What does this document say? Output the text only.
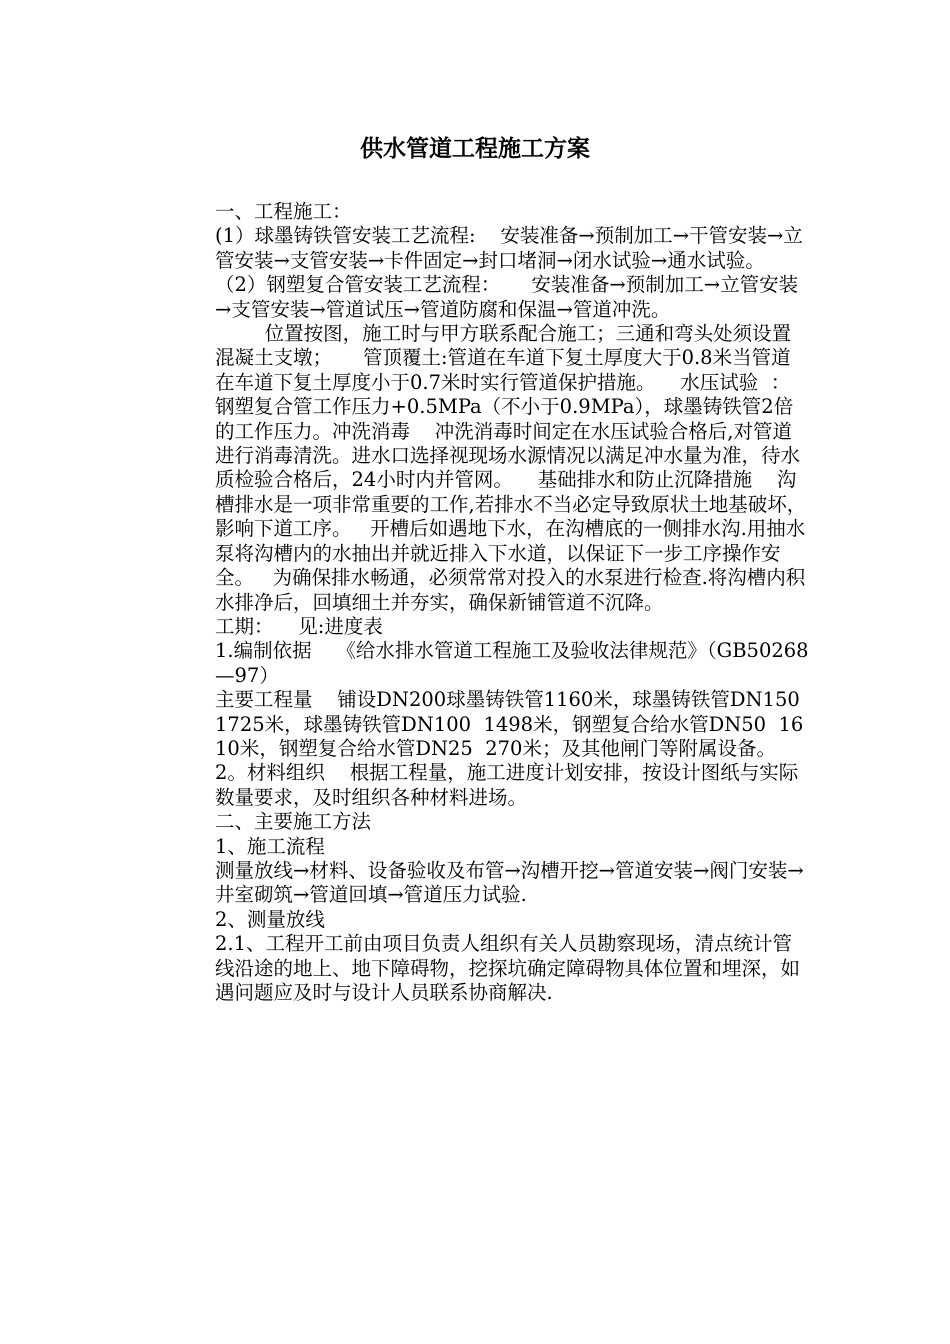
供水管道工程施工方案
一、工程施工：
(1）球墨铸铁管安装工艺流程:    安装准备→预制加工→干管安装→立管安装→支管安装→卡件固定→封口堵洞→闭水试验→通水试验。
（2）钢塑复合管安装工艺流程：     安装准备→预制加工→立管安装→支管安装→管道试压→管道防腐和保温→管道冲洗。
位置按图，施工时与甲方联系配合施工；三通和弯头处须设置混凝土支墩；     管顶覆土:管道在车道下复土厚度大于0.8米当管道在车道下复土厚度小于0.7米时实行管道保护措施。    水压试验  ：    钢塑复合管工作压力+0.5MPa（不小于0.9MPa），球墨铸铁管2倍的工作压力。冲洗消毒    冲洗消毒时间定在水压试验合格后,对管道进行消毒清洗。进水口选择视现场水源情况以满足冲水量为准，待水质检验合格后，24小时内并管网。    基础排水和防止沉降措施    沟槽排水是一项非常重要的工作,若排水不当必定导致原状土地基破坏，影响下道工序。   开槽后如遇地下水，在沟槽底的一侧排水沟.用抽水泵将沟槽内的水抽出并就近排入下水道，以保证下一步工序操作安全。   为确保排水畅通，必须常常对投入的水泵进行检查.将沟槽内积水排净后，回填细土并夯实，确保新铺管道不沉降。
工期：    见:进度表
1.编制依据    《给水排水管道工程施工及验收法律规范》（GB50268—97）
主要工程量    铺设DN200球墨铸铁管1160米，球墨铸铁管DN150  1725米，球墨铸铁管DN100  1498米，钢塑复合给水管DN50  1610米，钢塑复合给水管DN25  270米；及其他闸门等附属设备。
2。材料组织    根据工程量，施工进度计划安排，按设计图纸与实际数量要求，及时组织各种材料进场。
二、主要施工方法
1、施工流程
测量放线→材料、设备验收及布管→沟槽开挖→管道安装→阀门安装→井室砌筑→管道回填→管道压力试验.
2、测量放线
2.1、工程开工前由项目负责人组织有关人员勘察现场，清点统计管线沿途的地上、地下障碍物，挖探坑确定障碍物具体位置和埋深，如遇问题应及时与设计人员联系协商解决.
